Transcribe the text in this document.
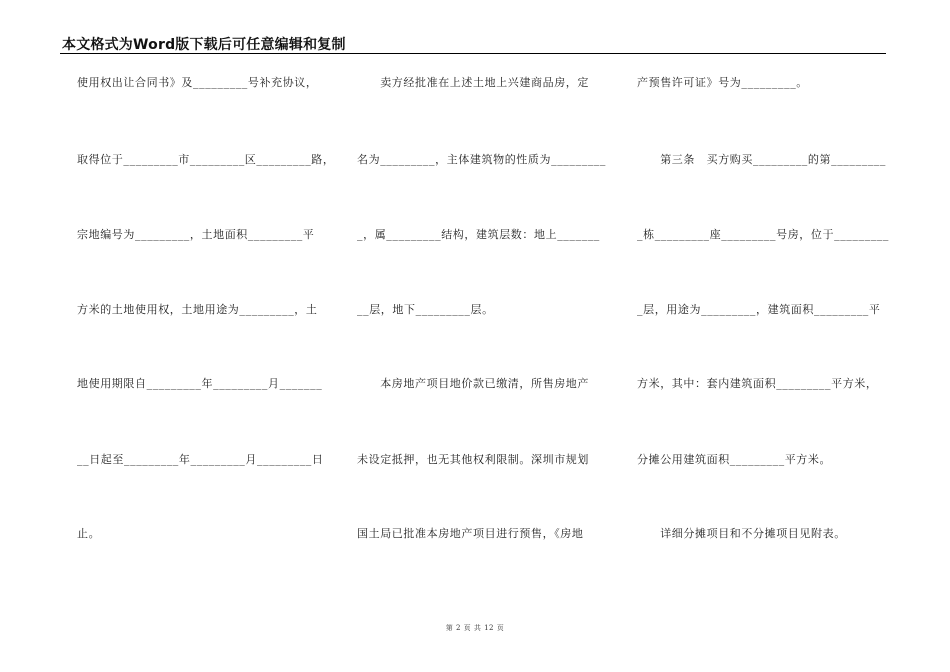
本文格式为Word版下载后可任意编辑和复制
使用权出让合同书》及_________号补充协议，
取得位于_________市_________区_________路，
宗地编号为_________，土地面积_________平
方米的土地使用权，土地用途为_________，土
地使用期限自_________年_________月_______
__日起至_________年_________月_________日
止。
　　卖方经批准在上述土地上兴建商品房，定
名为_________，主体建筑物的性质为_________
_，属_________结构，建筑层数：地上_______
__层，地下_________层。
　　本房地产项目地价款已缴清，所售房地产
未设定抵押，也无其他权利限制。深圳市规划
国土局已批准本房地产项目进行预售，《房地
产预售许可证》号为_________。
　　第三条　买方购买_________的第_________
_栋_________座_________号房，位于_________
_层，用途为_________，建筑面积_________平
方米，其中：套内建筑面积_________平方米，
分摊公用建筑面积_________平方米。
　　详细分摊项目和不分摊项目见附表。
第 2 页 共 12 页
